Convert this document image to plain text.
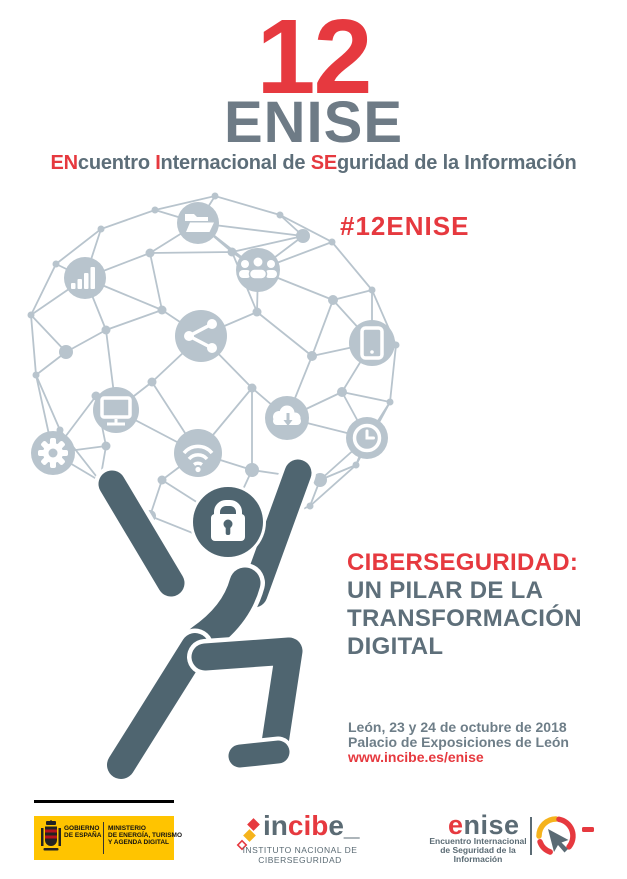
12
ENISE
ENcuentro Internacional de SEguridad de la Información
#12ENISE
CIBERSEGURIDAD:
UN PILAR DE LA
TRANSFORMACIÓN
DIGITAL
León, 23 y 24 de octubre de 2018
Palacio de Exposiciones de León
www.incibe.es/enise
GOBIERNO
DE ESPAÑA
MINISTERIO
DE ENERGÍA, TURISMO
Y AGENDA DIGITAL
incibe_
INSTITUTO NACIONAL DE CIBERSEGURIDAD
enise
Encuentro Internacional
de Seguridad de la Información
